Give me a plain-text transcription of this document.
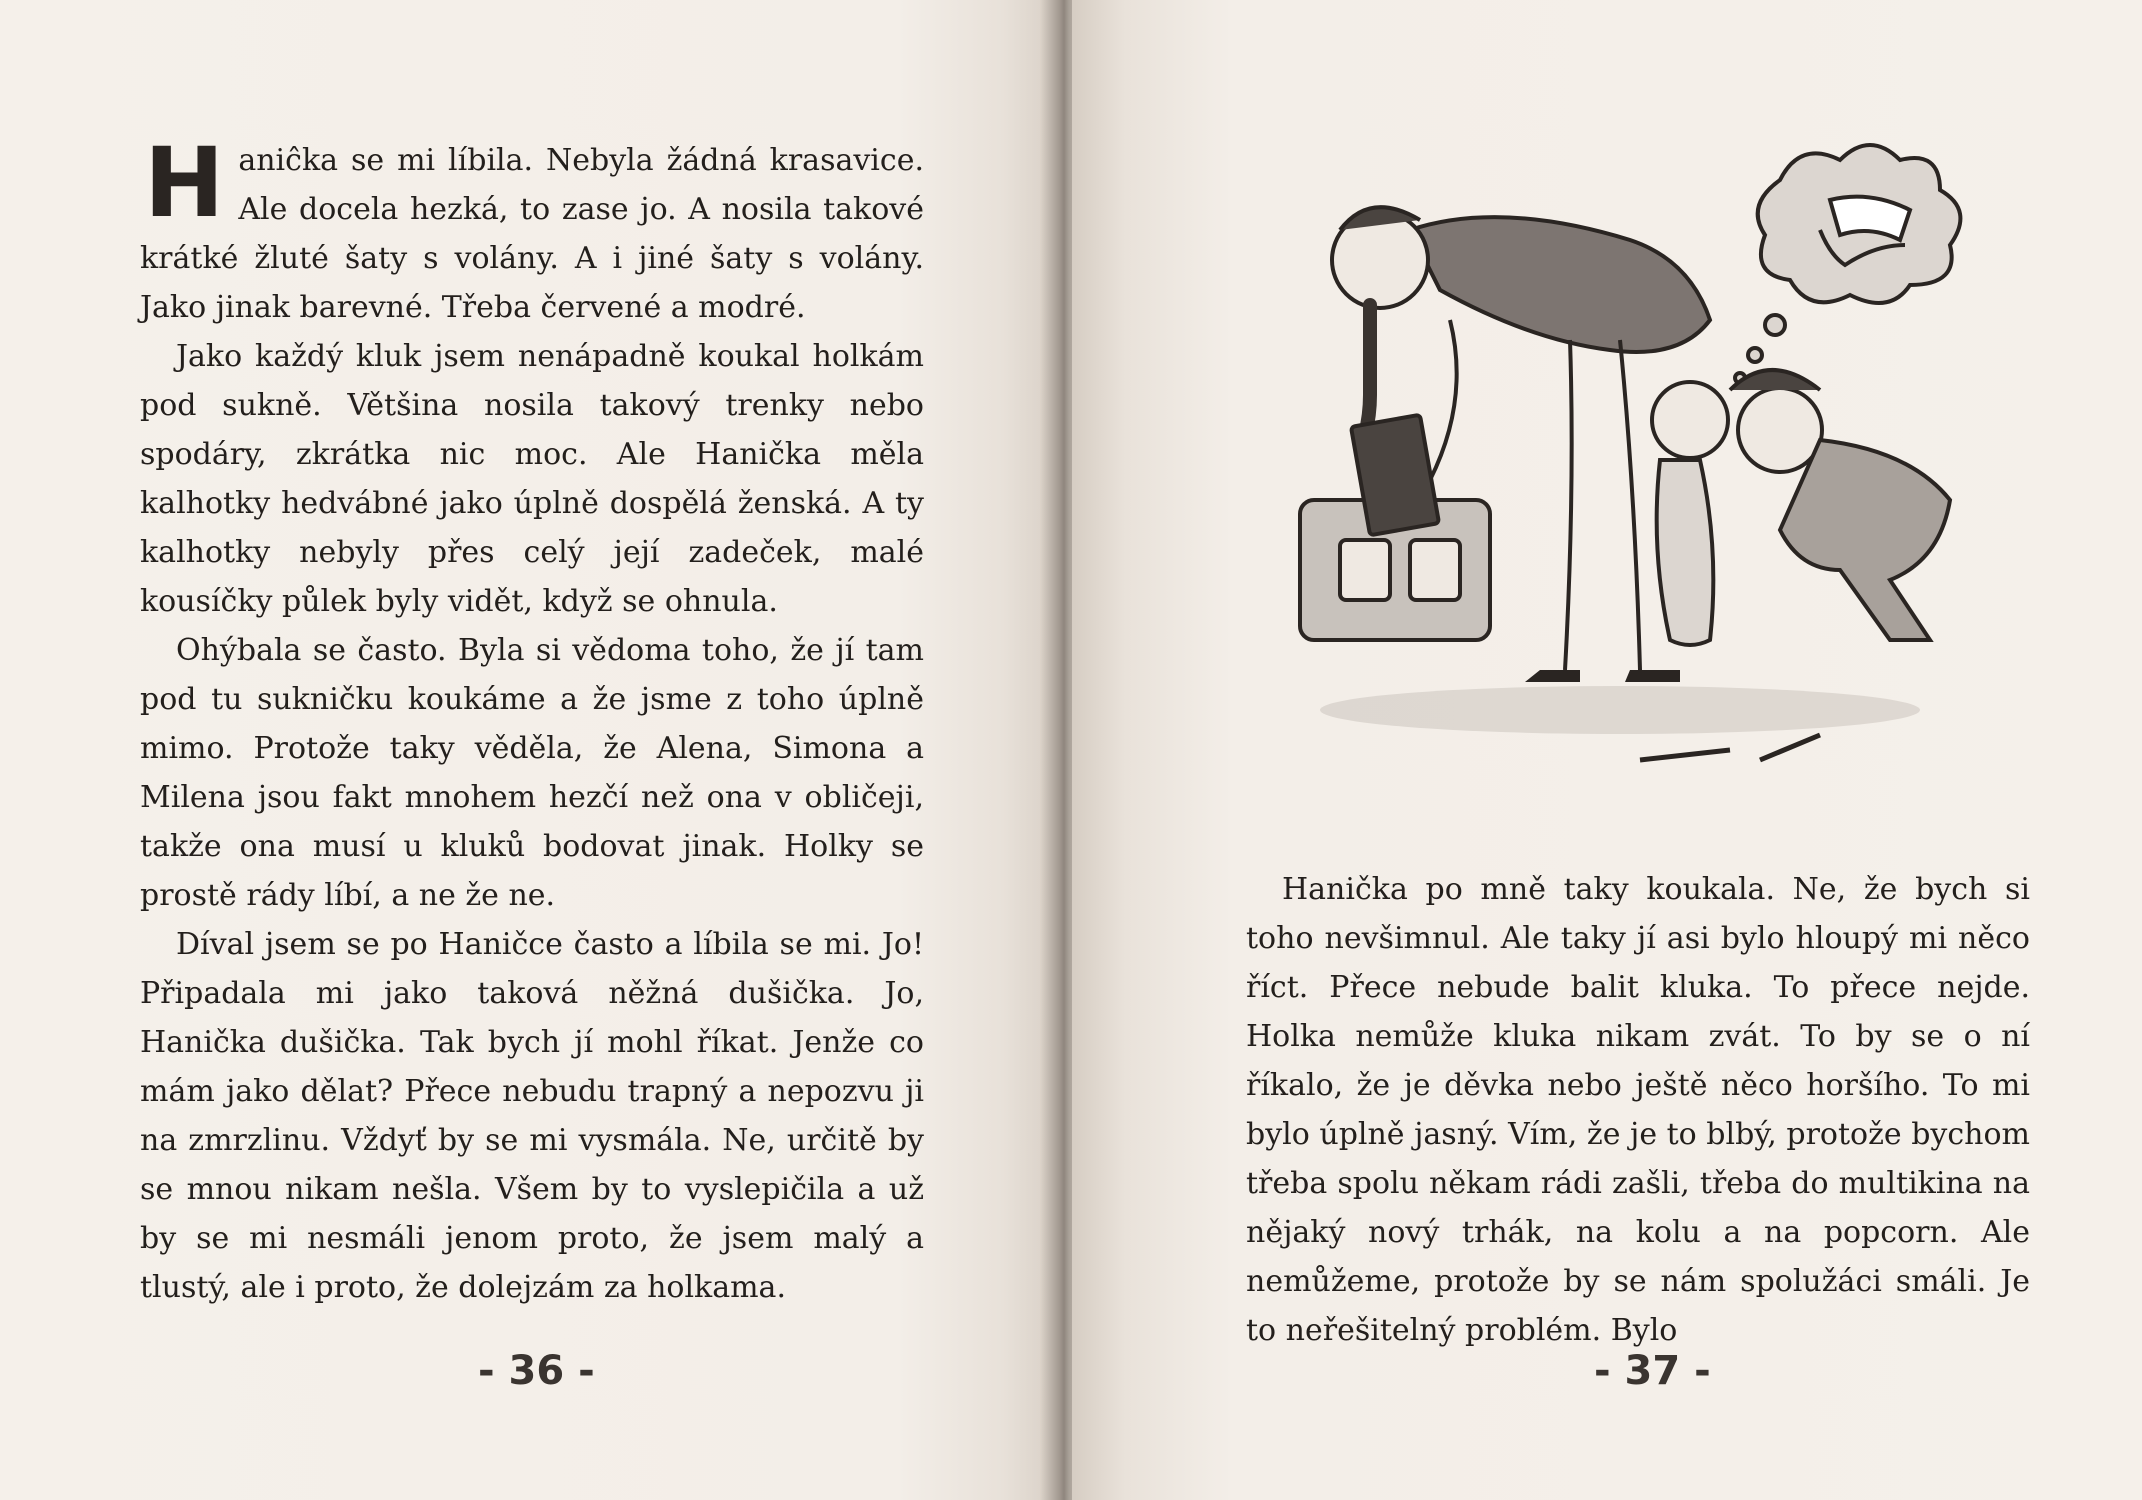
Haniĉka se mi líbila. Nebyla žádná krasavice. Ale docela hezká, to zase jo. A nosila takové krátké žluté šaty s volány. A i jiné šaty s volány. Jako jinak barevné. Třeba červené a modré.

Jako každý kluk jsem nenápadně koukal holkám pod sukně. Většina nosila takový trenky nebo spodáry, zkrátka nic moc. Ale Hanička měla kalhotky hedvábné jako úplně dospělá ženská. A ty kalhotky nebyly přes celý její zadeček, malé kousíčky půlek byly vidět, když se ohnula.

Ohýbala se často. Byla si vědoma toho, že jí tam pod tu sukničku koukáme a že jsme z toho úplně mimo. Protože taky věděla, že Alena, Simona a Milena jsou fakt mnohem hezčí než ona v obličeji, takže ona musí u kluků bodovat jinak. Holky se prostě rády líbí, a ne že ne.

Díval jsem se po Haničce často a líbila se mi. Jo! Připadala mi jako taková něžná dušička. Jo, Hanička dušička. Tak bych jí mohl říkat. Jenže co mám jako dělat? Přece nebudu trapný a nepozvu ji na zmrzlinu. Vždyť by se mi vysmála. Ne, určitě by se mnou nikam nešla. Všem by to vyslepičila a už by se mi nesmáli jenom proto, že jsem malý a tlustý, ale i proto, že dolejzám za holkama.

- 36 -	- 37 -

Hanička po mně taky koukala. Ne, že bych si toho nevšimnul. Ale taky jí asi bylo hloupý mi něco říct. Přece nebude balit kluka. To přece nejde. Holka nemůže kluka nikam zvát. To by se o ní říkalo, že je děvka nebo ještě něco horšího. To mi bylo úplně jasný. Vím, že je to blbý, protože bychom třeba spolu někam rádi zašli, třeba do multikina na nějaký nový trhák, na kolu a na popcorn. Ale nemůžeme, protože by se nám spolužáci smáli. Je to neřešitelný problém. Bylo
